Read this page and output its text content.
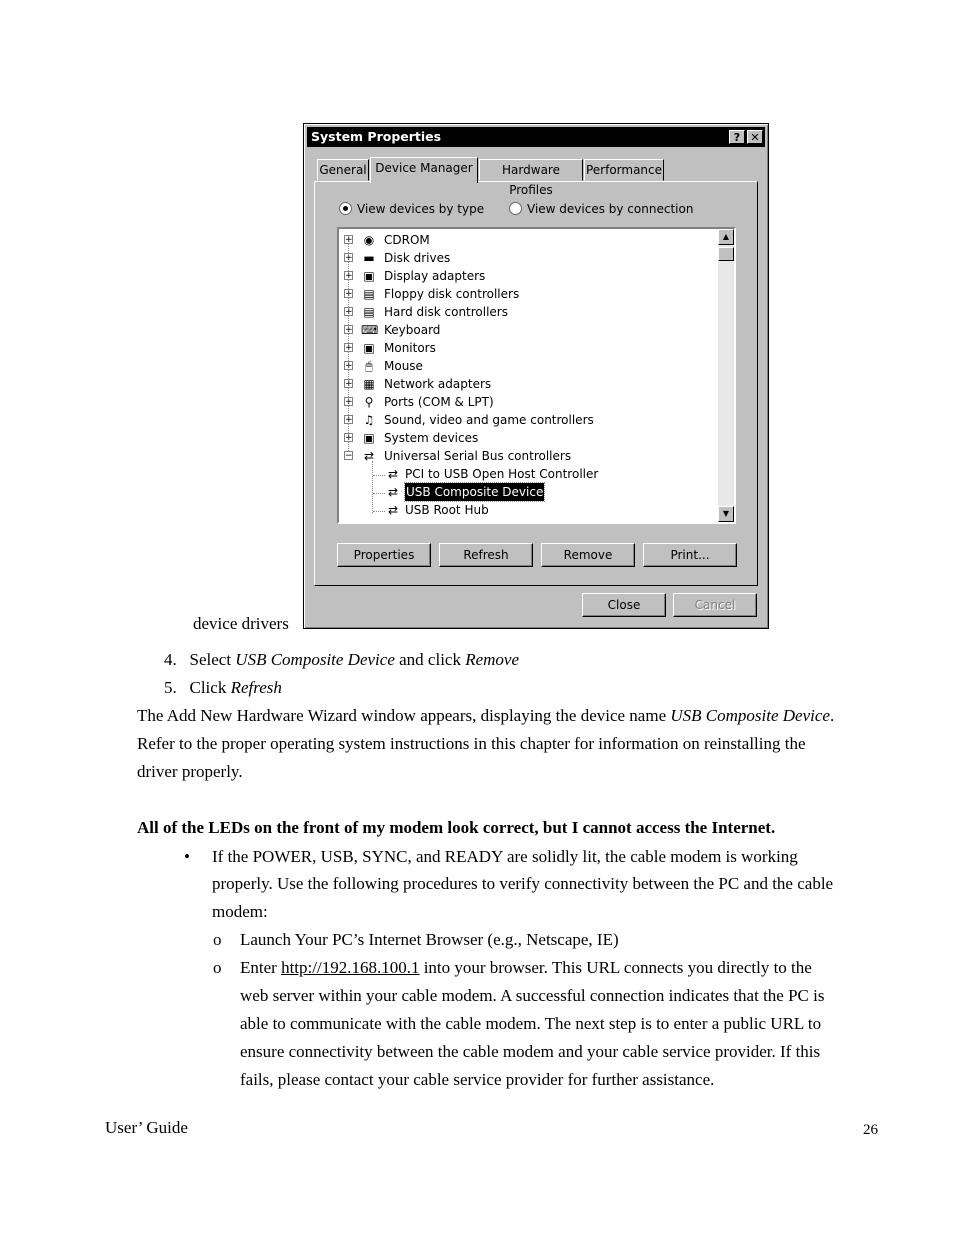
System Properties	? ✕
General Device Manager	Hardware Profiles
Performance
View devices by type	View devices by connection
+ ◉ CDROM
+ ▬ Disk drives
+ ▣ Display adapters
+ ▤ Floppy disk controllers
+ ▤ Hard disk controllers
+ ⌨ Keyboard
+ ▣ Monitors
+	🖱 Mouse
+ ▦ Network adapters
+ ⚲ Ports (COM & LPT)
+ ♫ Sound, video and game controllers
+ ▣ System devices
− ⇄ Universal Serial Bus controllers
⇄ PCI to USB Open Host Controller
⇄ USB Composite Device
⇄ USB Root Hub
▲
▼
Properties	Refresh	Remove	Print...
Close	Cancel
device drivers
4. Select USB Composite Device and click Remove
5. Click Refresh
The Add New Hardware Wizard window appears, displaying the device name USB Composite Device.
Refer to the proper operating system instructions in this chapter for information on reinstalling the
driver properly.
All of the LEDs on the front of my modem look correct, but I cannot access the Internet.
• If the POWER, USB, SYNC, and READY are solidly lit, the cable modem is working
properly. Use the following procedures to verify connectivity between the PC and the cable
modem:
o Launch Your PC’s Internet Browser (e.g., Netscape, IE)
o Enter http://192.168.100.1 into your browser. This URL connects you directly to the
web server within your cable modem. A successful connection indicates that the PC is
able to communicate with the cable modem. The next step is to enter a public URL to
ensure connectivity between the cable modem and your cable service provider. If this
fails, please contact your cable service provider for further assistance.
User’ Guide	26
